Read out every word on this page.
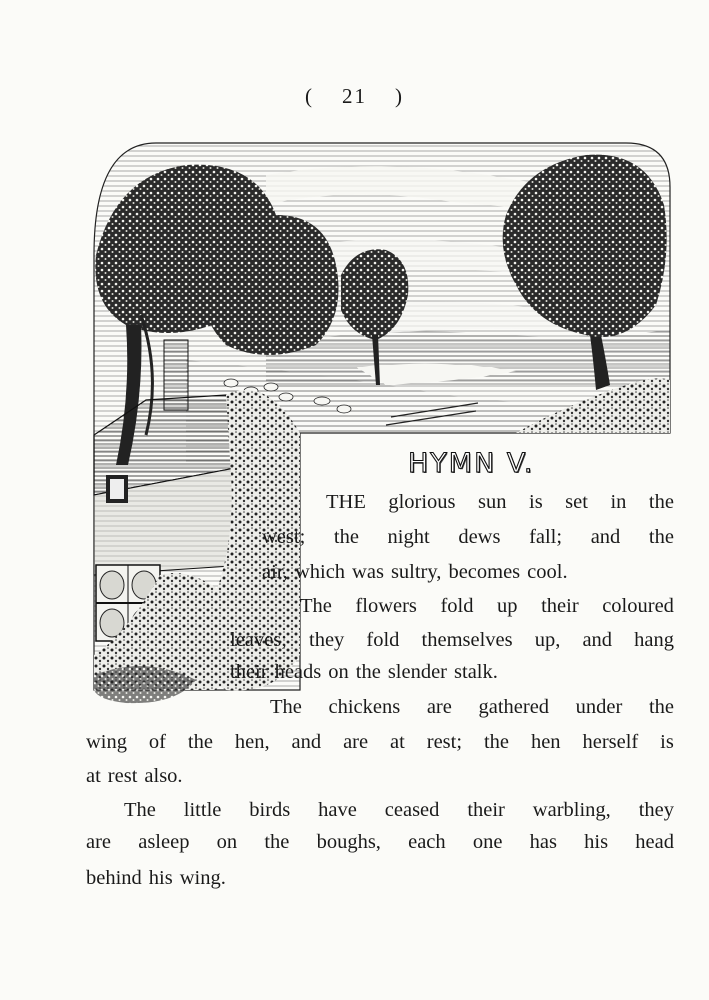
( 21 )
HYMN V.
THE glorious sun is set in the
west; the night dews fall; and the
air, which was sultry, becomes cool.
The flowers fold up their coloured
leaves; they fold themselves up, and hang
their heads on the slender stalk.
The chickens are gathered under the
wing of the hen, and are at rest; the hen herself is
at rest also.
The little birds have ceased their warbling, they
are asleep on the boughs, each one has his head
behind his wing.
